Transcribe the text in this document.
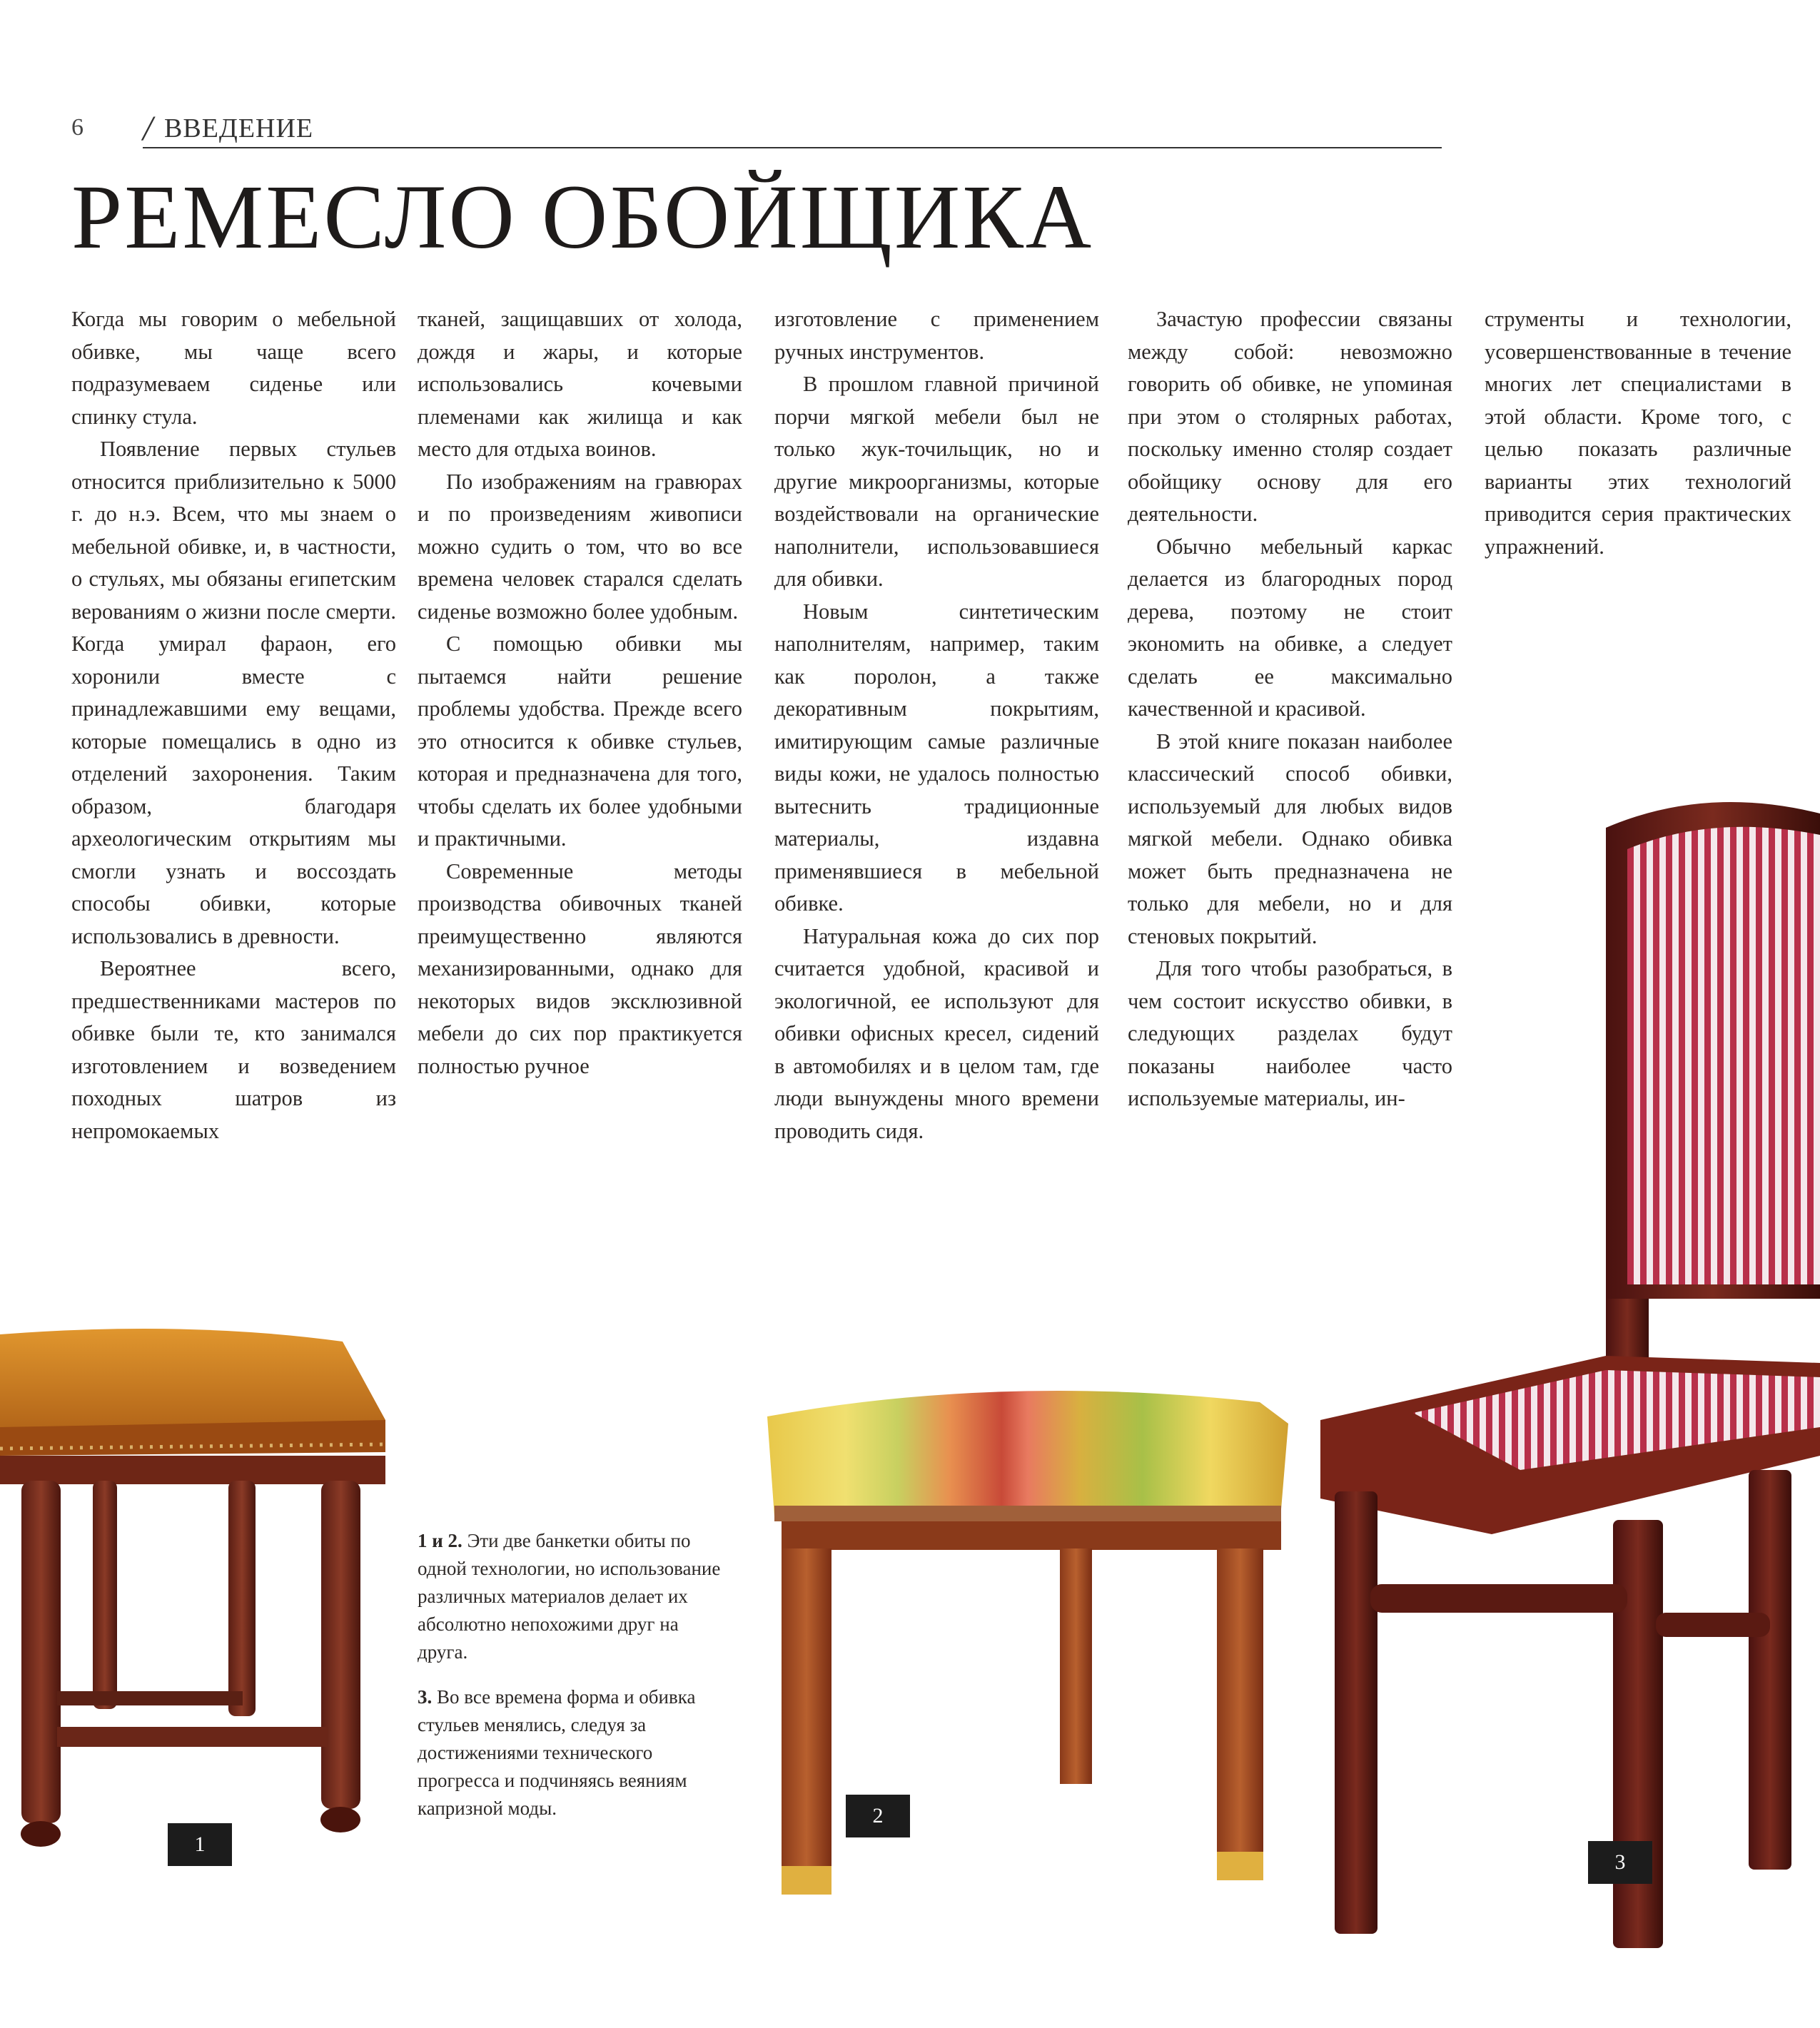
6 / ВВЕДЕНИЕ
РЕМЕСЛО ОБОЙЩИКА

Когда мы говорим о мебельной обивке, мы чаще всего подразумеваем сиденье или спинку стула.

Появление первых стульев относится приблизительно к 5000 г. до н.э. Всем, что мы знаем о мебельной обивке, и, в частности, о стульях, мы обязаны египетским верованиям о жизни после смерти. Когда умирал фараон, его хоронили вместе с принадлежавшими ему вещами, которые помещались в одно из отделений захоронения. Таким образом, благодаря археологическим открытиям мы смогли узнать и воссоздать способы обивки, которые использовались в древности.

Вероятнее всего, предшественниками мастеров по обивке были те, кто занимался изготовлением и возведением походных шатров из непромокаемых

тканей, защищавших от холода, дождя и жары, и которые использовались кочевыми племенами как жилища и как место для отдыха воинов.

По изображениям на гравюрах и по произведениям живописи можно судить о том, что во все времена человек старался сделать сиденье возможно более удобным.

С помощью обивки мы пытаемся найти решение проблемы удобства. Прежде всего это относится к обивке стульев, которая и предназначена для того, чтобы сделать их более удобными и практичными.

Современные методы производства обивочных тканей преимущественно являются механизированными, однако для некоторых видов эксклюзивной мебели до сих пор практикуется полностью ручное

изготовление с применением ручных инструментов.

В прошлом главной причиной порчи мягкой мебели был не только жук-точильщик, но и другие микроорганизмы, которые воздействовали на органические наполнители, использовавшиеся для обивки.

Новым синтетическим наполнителям, например, таким как поролон, а также декоративным покрытиям, имитирующим самые различные виды кожи, не удалось полностью вытеснить традиционные материалы, издавна применявшиеся в мебельной обивке.

Натуральная кожа до сих пор считается удобной, красивой и экологичной, ее используют для обивки офисных кресел, сидений в автомобилях и в целом там, где люди вынуждены много времени проводить сидя.

Зачастую профессии связаны между собой: невозможно говорить об обивке, не упоминая при этом о столярных работах, поскольку именно столяр создает обойщику основу для его деятельности.

Обычно мебельный каркас делается из благородных пород дерева, поэтому не стоит экономить на обивке, а следует сделать ее максимально качественной и красивой.

В этой книге показан наиболее классический способ обивки, используемый для любых видов мягкой мебели. Однако обивка может быть предназначена не только для мебели, но и для стеновых покрытий.

Для того чтобы разобраться, в чем состоит искусство обивки, в следующих разделах будут показаны наиболее часто используемые материалы, ин-

струменты и технологии, усовершенствованные в течение многих лет специалистами в этой области. Кроме того, с целью показать различные варианты этих технологий приводится серия практических упражнений.

1
2
3

1 и 2. Эти две банкетки обиты по одной технологии, но использование различных материалов делает их абсолютно непохожими друг на друга.

3. Во все времена форма и обивка стульев менялись, следуя за достижениями технического прогресса и подчиняясь веяниям капризной моды.
